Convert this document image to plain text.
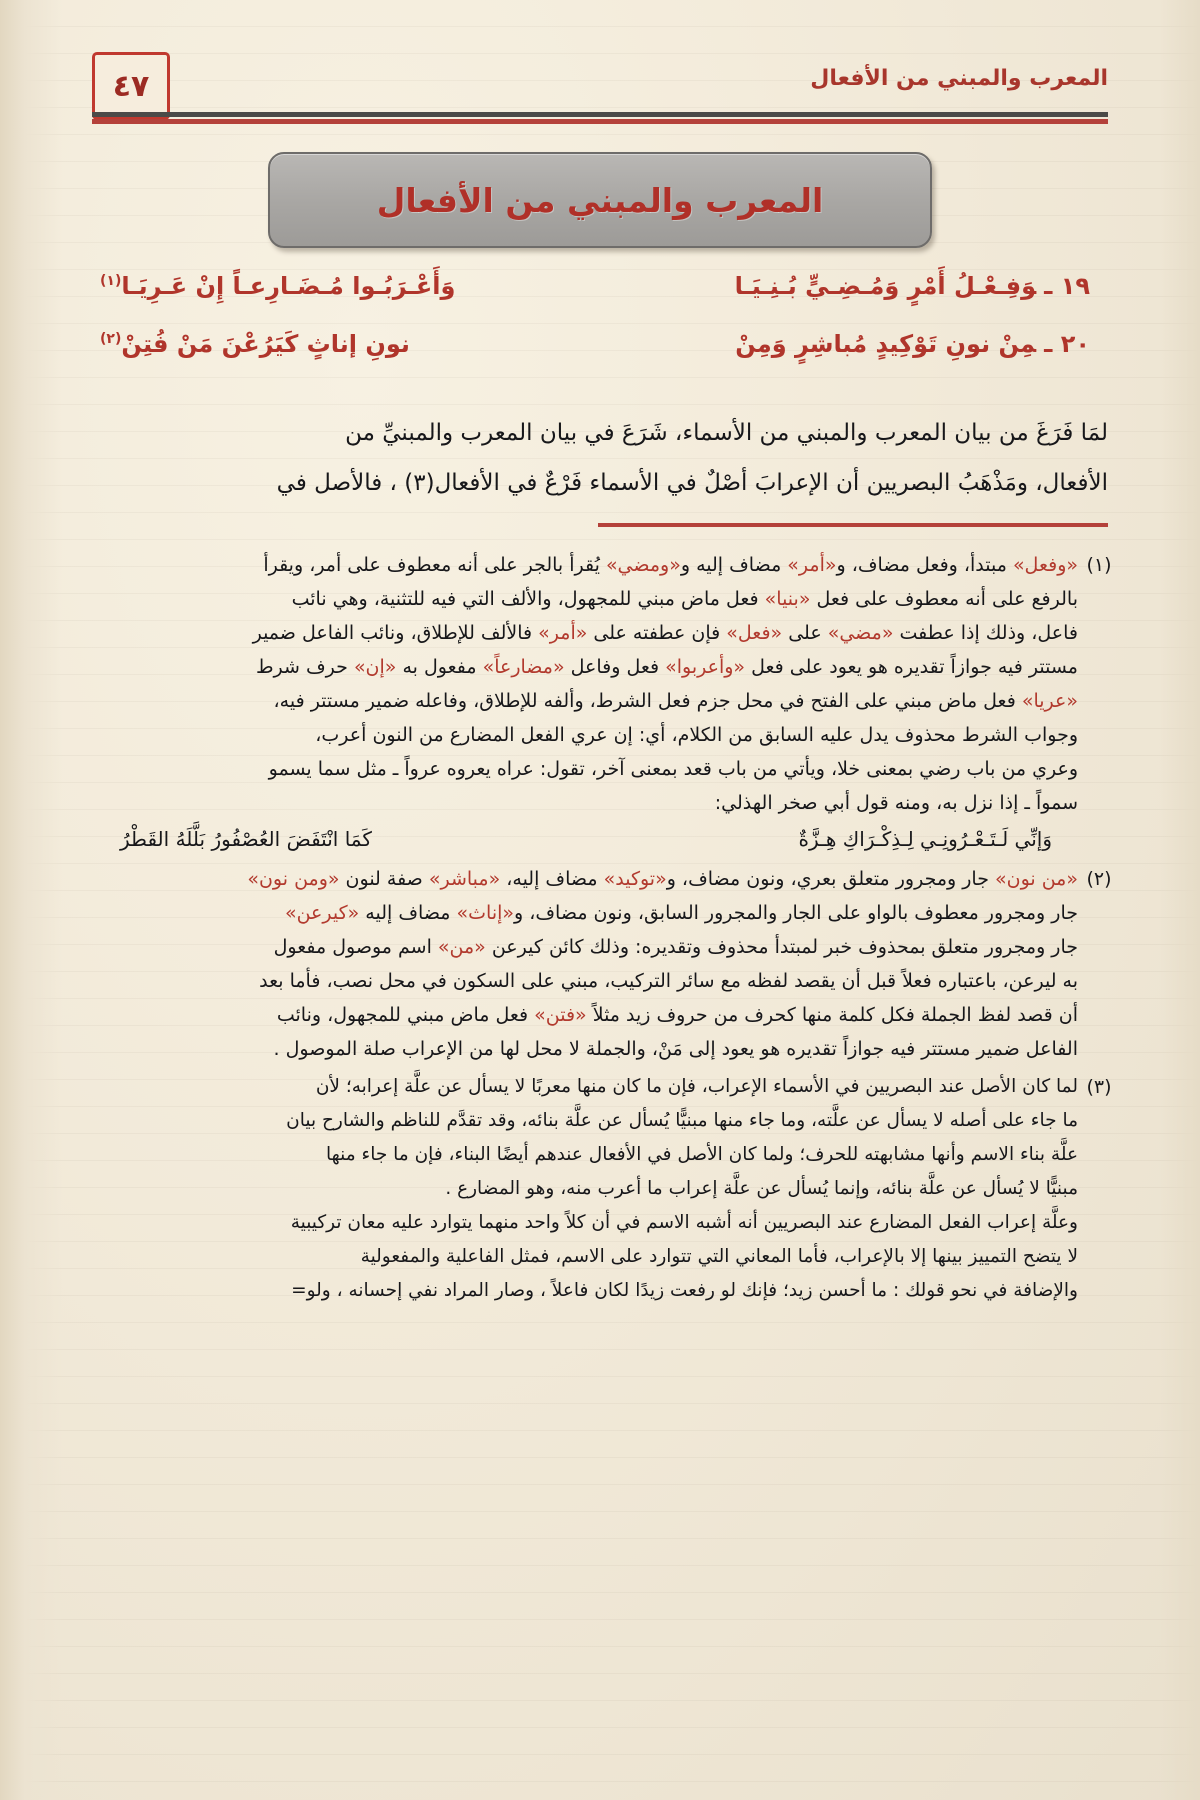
٤٧	المعرب والمبني من الأفعال
المعرب والمبني من الأفعال
١٩ ـوَفِـعْـلُ أَمْرٍ وَمُـضِـيٍّ بُـنِـيَـا
وَأَعْـرَبُـوا مُـضَـارِعـاً إِنْ عَـرِيَـا$^{(١)}$
٢٠ ـمِنْ نونِ تَوْكِيدٍ مُباشِرٍ وَمِنْ
نونِ إناثٍ كَيَرُعْنَ مَنْ فُتِنْ$^{(٢)}$
لمَا فَرَغَ من بيان المعرب والمبني من الأسماء، شَرَعَ في بيان المعرب والمبنيِّ من
الأفعال، ومَذْهَبُ البصريين أن الإعرابَ أصْلٌ في الأسماء فَرْعٌ في الأفعال(٣) ، فالأصل في
(١)
«وفعل» مبتدأ، وفعل مضاف، و«أمر» مضاف إليه و«ومضي» يُقرأ بالجر على أنه معطوف على أمر، ويقرأ
بالرفع على أنه معطوف على فعل «بنيا» فعل ماض مبني للمجهول، والألف التي فيه للتثنية، وهي نائب
فاعل، وذلك إذا عطفت «مضي» على «فعل» فإن عطفته على «أمر» فالألف للإطلاق، ونائب الفاعل ضمير
مستتر فيه جوازاً تقديره هو يعود على فعل «وأعربوا» فعل وفاعل «مضارعاً» مفعول به «إن» حرف شرط
«عريا» فعل ماض مبني على الفتح في محل جزم فعل الشرط، وألفه للإطلاق، وفاعله ضمير مستتر فيه،
وجواب الشرط محذوف يدل عليه السابق من الكلام، أي: إن عري الفعل المضارع من النون أعرب،
وعري من باب رضي بمعنى خلا، ويأتي من باب قعد بمعنى آخر، تقول: عراه يعروه عرواً ـ مثل سما يسمو
سمواً ـ إذا نزل به، ومنه قول أبي صخر الهذلي:
وَإنِّي لَـتَـعْـرُونِـي لِـذِكْـرَاكِ هِـزَّةٌ
كَمَا انْتَفَضَ العُصْفُورُ بَلَّلَهُ القَطْرُ
(٢)
«من نون» جار ومجرور متعلق بعري، ونون مضاف، و«توكيد» مضاف إليه، «مباشر» صفة لنون «ومن نون»
جار ومجرور معطوف بالواو على الجار والمجرور السابق، ونون مضاف، و«إناث» مضاف إليه «كيرعن»
جار ومجرور متعلق بمحذوف خبر لمبتدأ محذوف وتقديره: وذلك كائن كيرعن «من» اسم موصول مفعول
به ليرعن، باعتباره فعلاً قبل أن يقصد لفظه مع سائر التركيب، مبني على السكون في محل نصب، فأما بعد
أن قصد لفظ الجملة فكل كلمة منها كحرف من حروف زيد مثلاً «فتن» فعل ماض مبني للمجهول، ونائب
الفاعل ضمير مستتر فيه جوازاً تقديره هو يعود إلى مَنْ، والجملة لا محل لها من الإعراب صلة الموصول .
(٣)
لما كان الأصل عند البصريين في الأسماء الإعراب، فإن ما كان منها معربًا لا يسأل عن علَّة إعرابه؛ لأن
ما جاء على أصله لا يسأل عن علَّته، وما جاء منها مبنيًّا يُسأل عن علَّة بنائه، وقد تقدَّم للناظم والشارح بيان
علَّة بناء الاسم وأنها مشابهته للحرف؛ ولما كان الأصل في الأفعال عندهم أيضًا البناء، فإن ما جاء منها
مبنيًّا لا يُسأل عن علَّة بنائه، وإنما يُسأل عن علَّة إعراب ما أعرب منه، وهو المضارع .
وعلَّة إعراب الفعل المضارع عند البصريين أنه أشبه الاسم في أن كلاً واحد منهما يتوارد عليه معان تركيبية
لا يتضح التمييز بينها إلا بالإعراب، فأما المعاني التي تتوارد على الاسم، فمثل الفاعلية والمفعولية
والإضافة في نحو قولك : ما أحسن زيد؛ فإنك لو رفعت زيدًا لكان فاعلاً ، وصار المراد نفي إحسانه ، ولو=
